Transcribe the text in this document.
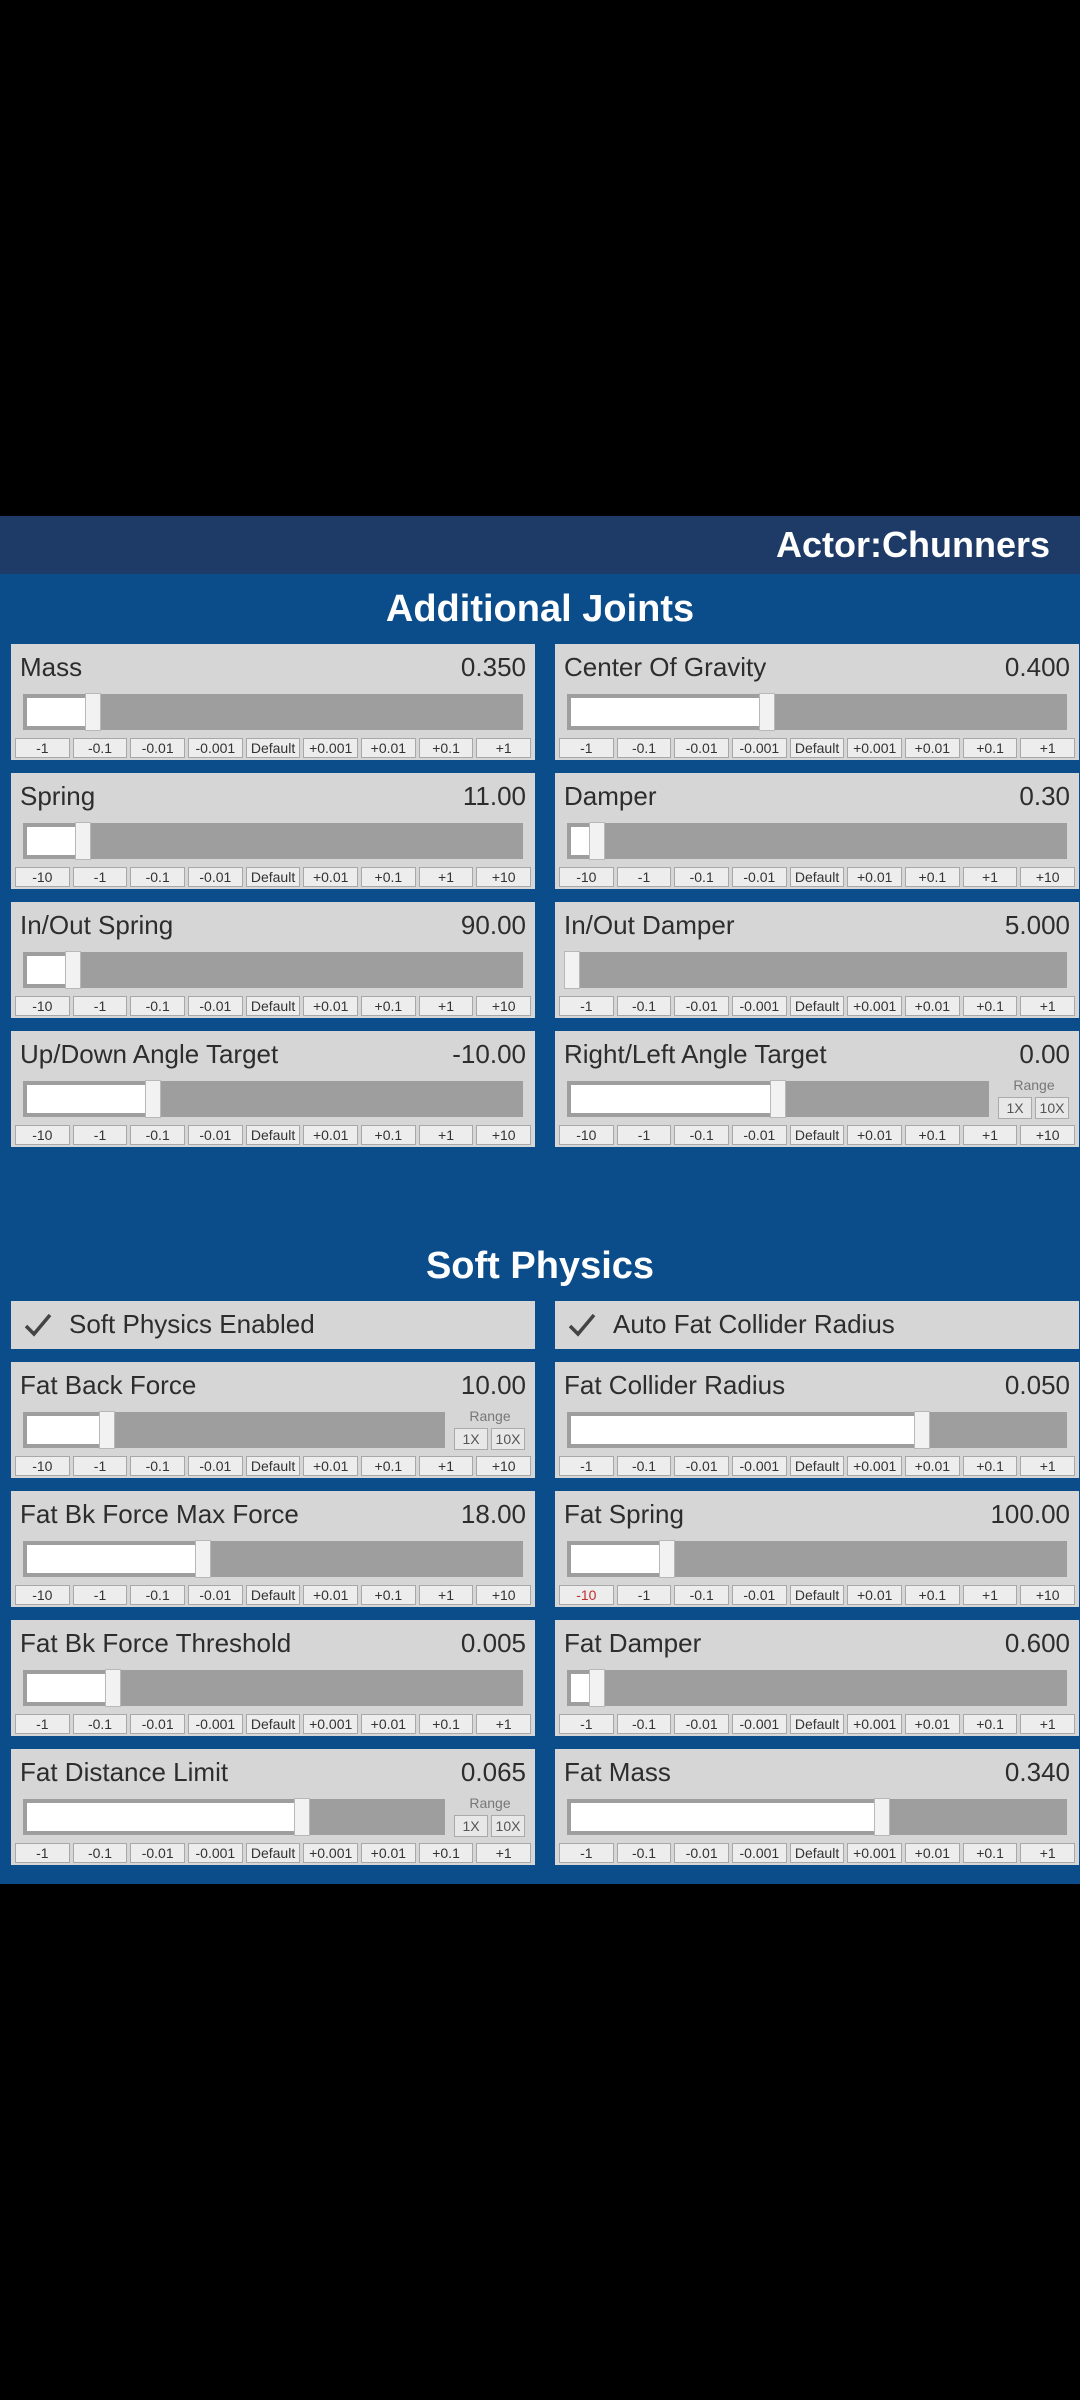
Actor:Chunners
Additional Joints
Mass	0.350
-1	-0.1	-0.01	-0.001	Default +0.001	+0.01	+0.1	+1
Center Of Gravity	0.400
-1	-0.1	-0.01	-0.001	Default +0.001	+0.01	+0.1	+1
Spring	11.00
-10	-1	-0.1	-0.01	Default	+0.01	+0.1	+1	+10
Damper	0.30
-10	-1	-0.1	-0.01	Default	+0.01	+0.1	+1	+10
In/Out Spring	90.00
-10	-1	-0.1	-0.01	Default	+0.01	+0.1	+1	+10
In/Out Damper	5.000
-1	-0.1	-0.01	-0.001	Default +0.001	+0.01	+0.1	+1
Up/Down Angle Target	-10.00
-10	-1	-0.1	-0.01	Default	+0.01	+0.1	+1	+10
Right/Left Angle Target	0.00
Range
1X	10X
-10	-1	-0.1	-0.01	Default	+0.01	+0.1	+1	+10
Soft Physics
Soft Physics Enabled	Auto Fat Collider Radius
Fat Back Force	10.00
Range
1X	10X
-10	-1	-0.1	-0.01	Default	+0.01	+0.1	+1	+10
Fat Collider Radius	0.050
-1	-0.1	-0.01	-0.001	Default +0.001	+0.01	+0.1	+1
Fat Bk Force Max Force	18.00
-10	-1	-0.1	-0.01	Default	+0.01	+0.1	+1	+10
Fat Spring	100.00
-10	-1	-0.1	-0.01	Default	+0.01	+0.1	+1	+10
Fat Bk Force Threshold	0.005
-1	-0.1	-0.01	-0.001	Default +0.001	+0.01	+0.1	+1
Fat Damper	0.600
-1	-0.1	-0.01	-0.001	Default +0.001	+0.01	+0.1	+1
Fat Distance Limit	0.065
Range
1X	10X
-1	-0.1	-0.01	-0.001	Default +0.001	+0.01	+0.1	+1
Fat Mass	0.340
-1	-0.1	-0.01	-0.001	Default +0.001	+0.01	+0.1	+1
